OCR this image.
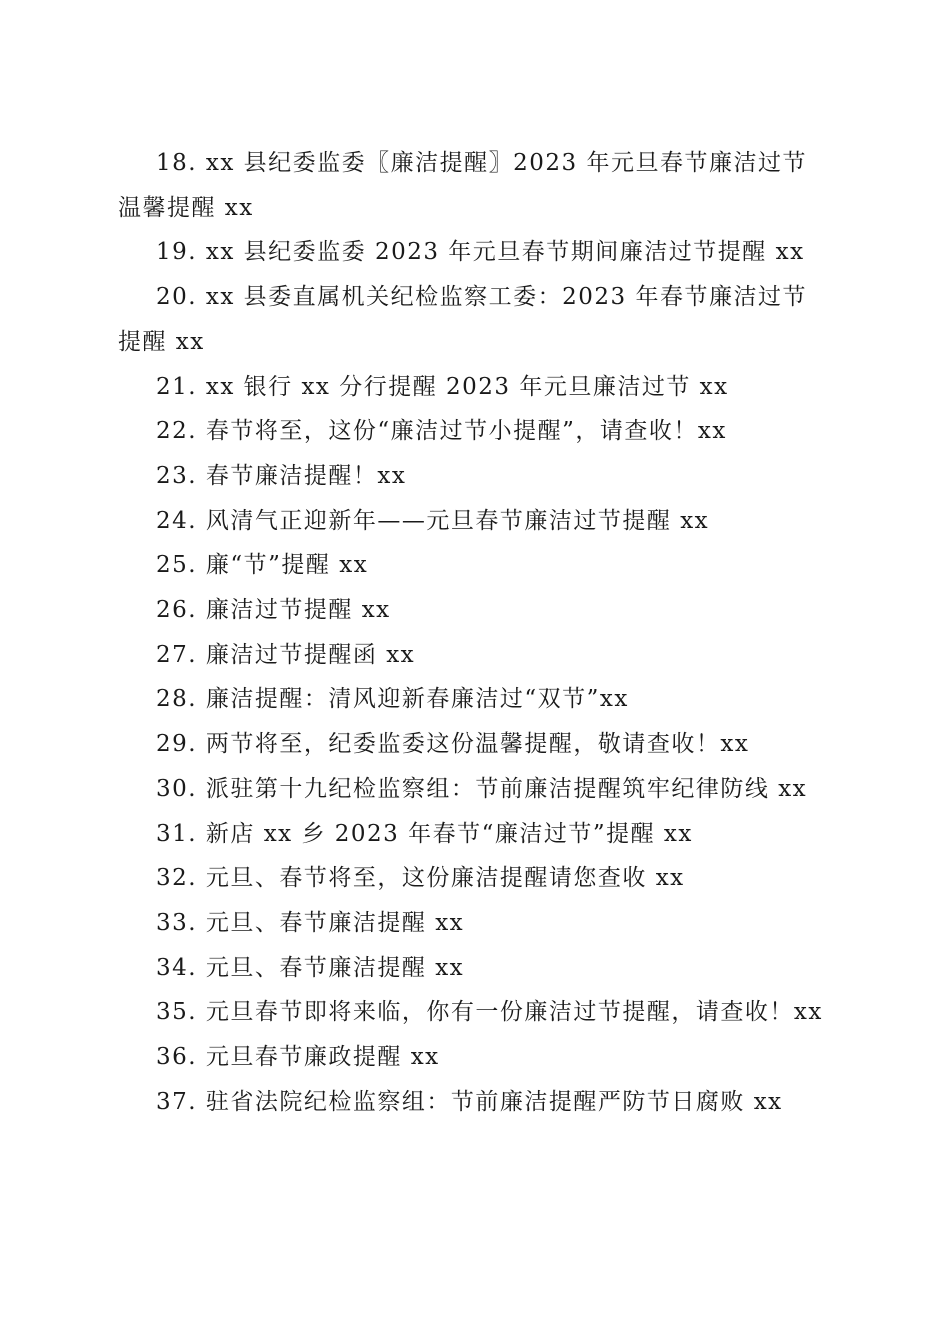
18. xx 县纪委监委〖廉洁提醒〗2023 年元旦春节廉洁过节温馨提醒 xx

19. xx 县纪委监委 2023 年元旦春节期间廉洁过节提醒 xx

20. xx 县委直属机关纪检监察工委：2023 年春节廉洁过节提醒 xx

21. xx 银行 xx 分行提醒 2023 年元旦廉洁过节 xx

22. 春节将至，这份“廉洁过节小提醒”，请查收！xx

23. 春节廉洁提醒！xx

24. 风清气正迎新年——元旦春节廉洁过节提醒 xx

25. 廉“节”提醒 xx

26. 廉洁过节提醒 xx

27. 廉洁过节提醒函 xx

28. 廉洁提醒：清风迎新春廉洁过“双节”xx

29. 两节将至，纪委监委这份温馨提醒，敬请查收！xx

30. 派驻第十九纪检监察组：节前廉洁提醒筑牢纪律防线 xx

31. 新店 xx 乡 2023 年春节“廉洁过节”提醒 xx

32. 元旦、春节将至，这份廉洁提醒请您查收 xx

33. 元旦、春节廉洁提醒 xx

34. 元旦、春节廉洁提醒 xx

35. 元旦春节即将来临，你有一份廉洁过节提醒，请查收！xx

36. 元旦春节廉政提醒 xx

37. 驻省法院纪检监察组：节前廉洁提醒严防节日腐败 xx
